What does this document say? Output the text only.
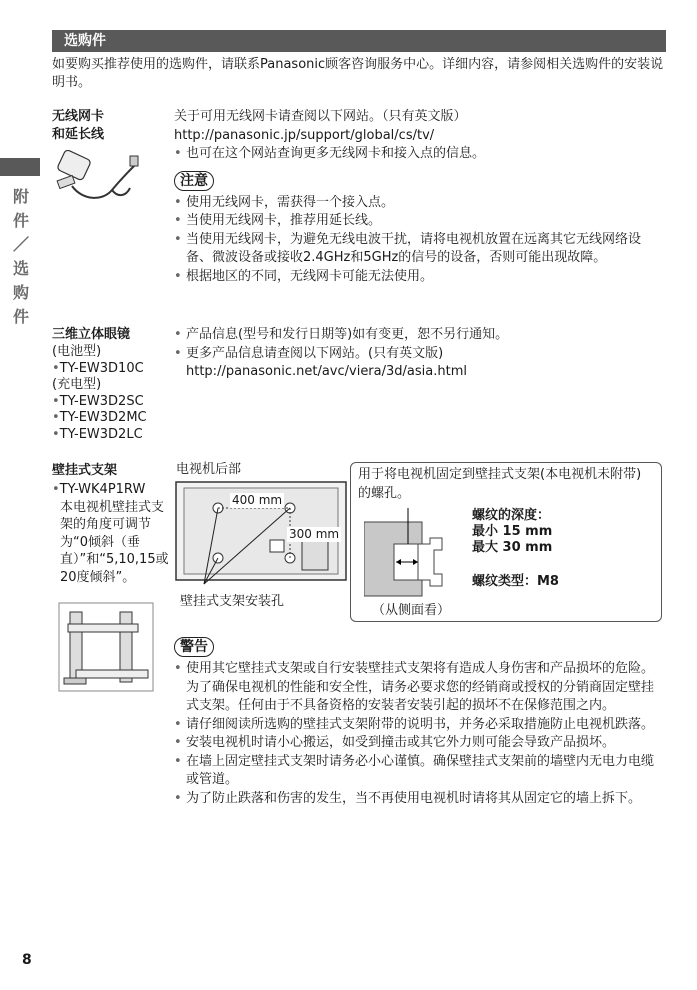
选购件
如要购买推荐使用的选购件，请联系Panasonic顾客咨询服务中心。详细内容，请参阅相关选购件的安装说明书。
附
件
／
选
购
件
无线网卡
和延长线
关于可用无线网卡请查阅以下网站。（只有英文版）
http://panasonic.jp/support/global/cs/tv/
• 也可在这个网站查询更多无线网卡和接入点的信息。
注意
• 使用无线网卡，需获得一个接入点。
• 当使用无线网卡，推荐用延长线。
• 当使用无线网卡，为避免无线电波干扰，请将电视机放置在远离其它无线网络设备、微波设备或接收2.4GHz和5GHz的信号的设备，否则可能出现故障。
• 根据地区的不同，无线网卡可能无法使用。
三维立体眼镜
(电池型)
• TY-EW3D10C
(充电型)
• TY-EW3D2SC
• TY-EW3D2MC
• TY-EW3D2LC
• 产品信息(型号和发行日期等)如有变更，恕不另行通知。
• 更多产品信息请查阅以下网站。(只有英文版)
http://panasonic.net/avc/viera/3d/asia.html
壁挂式支架
• TY-WK4P1RW
本电视机壁挂式支架的角度可调节为“0倾斜（垂直）”和“5,10,15或20度倾斜”。
电视机后部
400 mm
300 mm
壁挂式支架安装孔
用于将电视机固定到壁挂式支架(本电视机未附带)的螺孔。
螺纹的深度：
最小 15 mm
最大 30 mm
螺纹类型：M8
（从侧面看）
警告
• 使用其它壁挂式支架或自行安装壁挂式支架将有造成人身伤害和产品损坏的危险。为了确保电视机的性能和安全性，请务必要求您的经销商或授权的分销商固定壁挂式支架。任何由于不具备资格的安装者安装引起的损坏不在保修范围之内。
• 请仔细阅读所选购的壁挂式支架附带的说明书，并务必采取措施防止电视机跌落。
• 安装电视机时请小心搬运，如受到撞击或其它外力则可能会导致产品损坏。
• 在墙上固定壁挂式支架时请务必小心谨慎。确保壁挂式支架前的墙壁内无电力电缆或管道。
• 为了防止跌落和伤害的发生，当不再使用电视机时请将其从固定它的墙上拆下。
8
